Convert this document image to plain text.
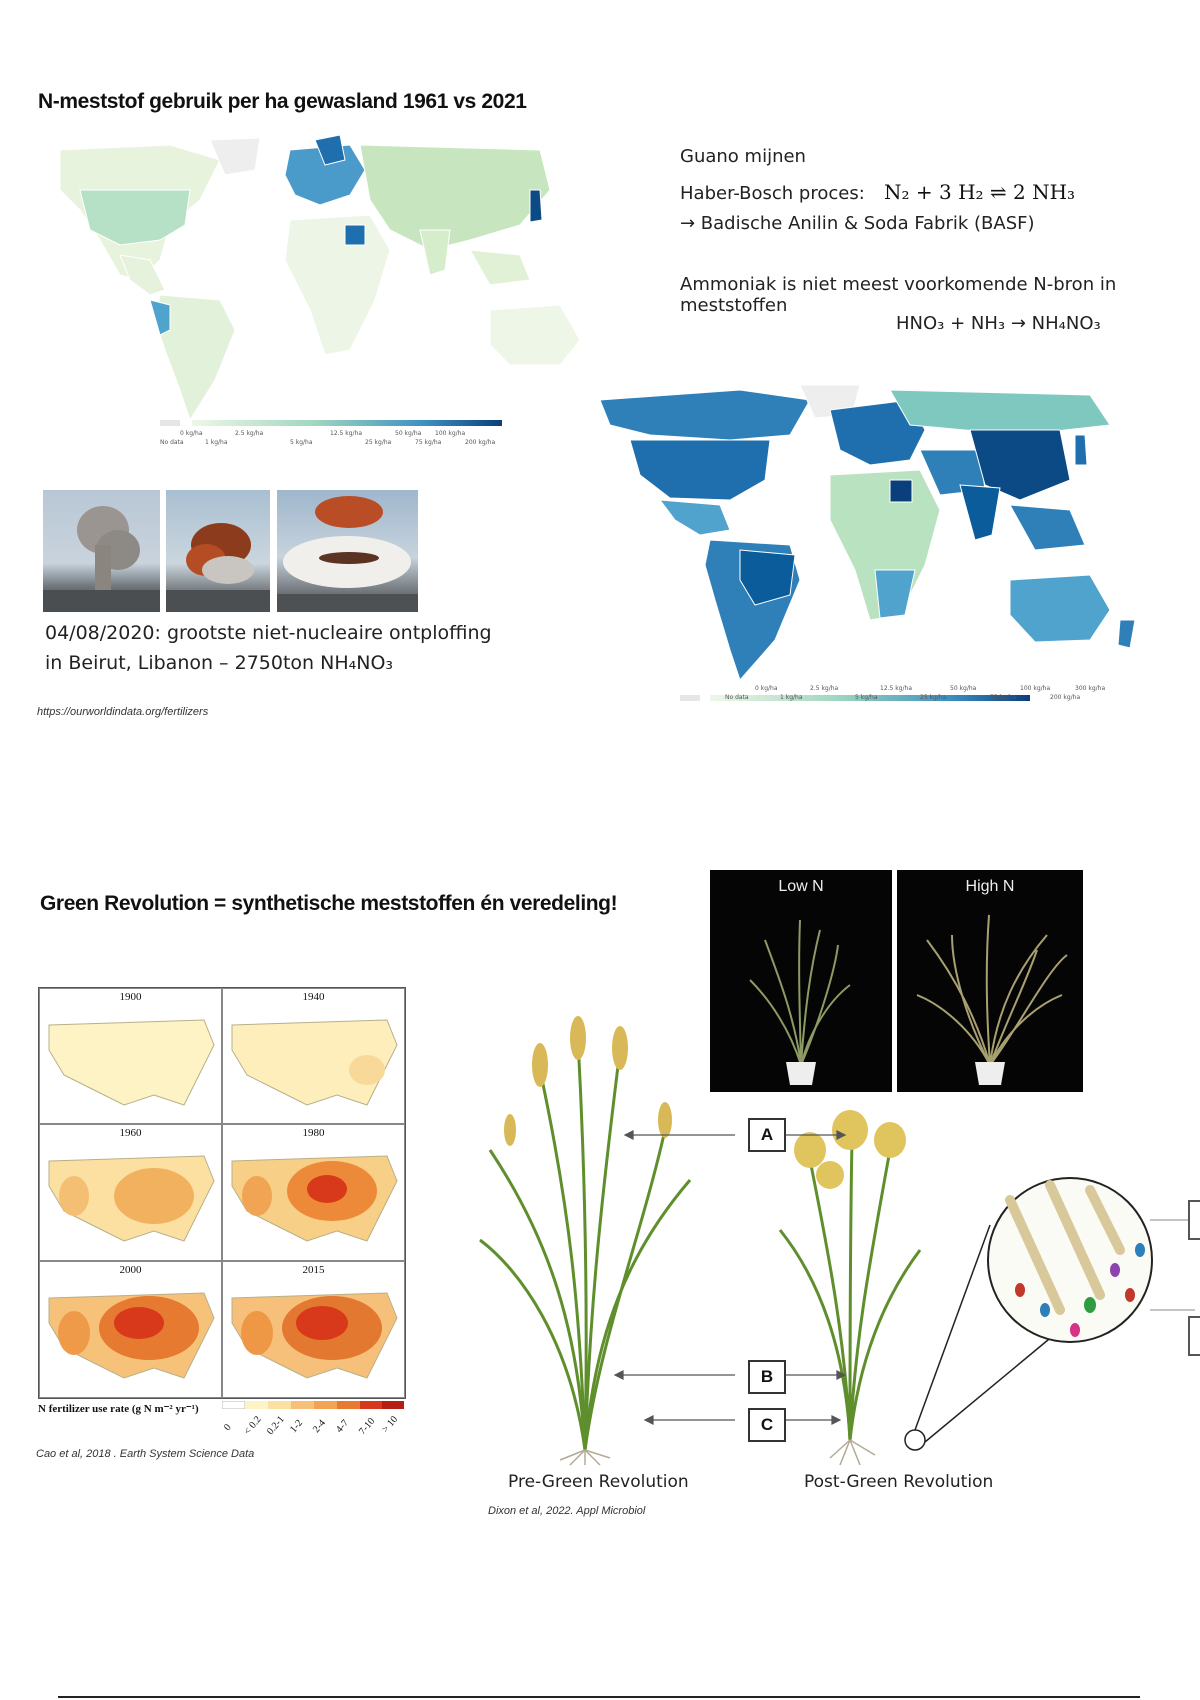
N-meststof gebruik per ha gewasland 1961 vs 2021
0 kg/ha	2.5 kg/ha	12.5 kg/ha	50 kg/ha 100 kg/ha
No data	1 kg/ha	5 kg/ha	25 kg/ha	75 kg/ha	200 kg/ha
Guano mijnen
Haber-Bosch proces: N₂ + 3 H₂ ⇌ 2 NH₃
→ Badische Anilin & Soda Fabrik (BASF)
Ammoniak is niet meest voorkomende N-bron in meststoffen
HNO₃ + NH₃ → NH₄NO₃
0 kg/ha	2.5 kg/ha	12.5 kg/ha	50 kg/ha	100 kg/ha	300 kg/ha
No data	1 kg/ha	5 kg/ha	25 kg/ha	75 kg/ha	200 kg/ha
04/08/2020: grootste niet-nucleaire ontploffing
in Beirut, Libanon – 2750ton NH₄NO₃
https://ourworldindata.org/fertilizers
Green Revolution = synthetische meststoffen én veredeling!
Low N	High N
1900	1940
1960	1980
2000	2015
N fertilizer use rate (g N m⁻² yr⁻¹)
0 < 0.2 0.2-1 1-2 2-4 4-7 7-10 > 10
Cao et al, 2018 . Earth System Science Data
A
B
C
Pre-Green Revolution	Post-Green Revolution
Dixon et al, 2022. Appl Microbiol
